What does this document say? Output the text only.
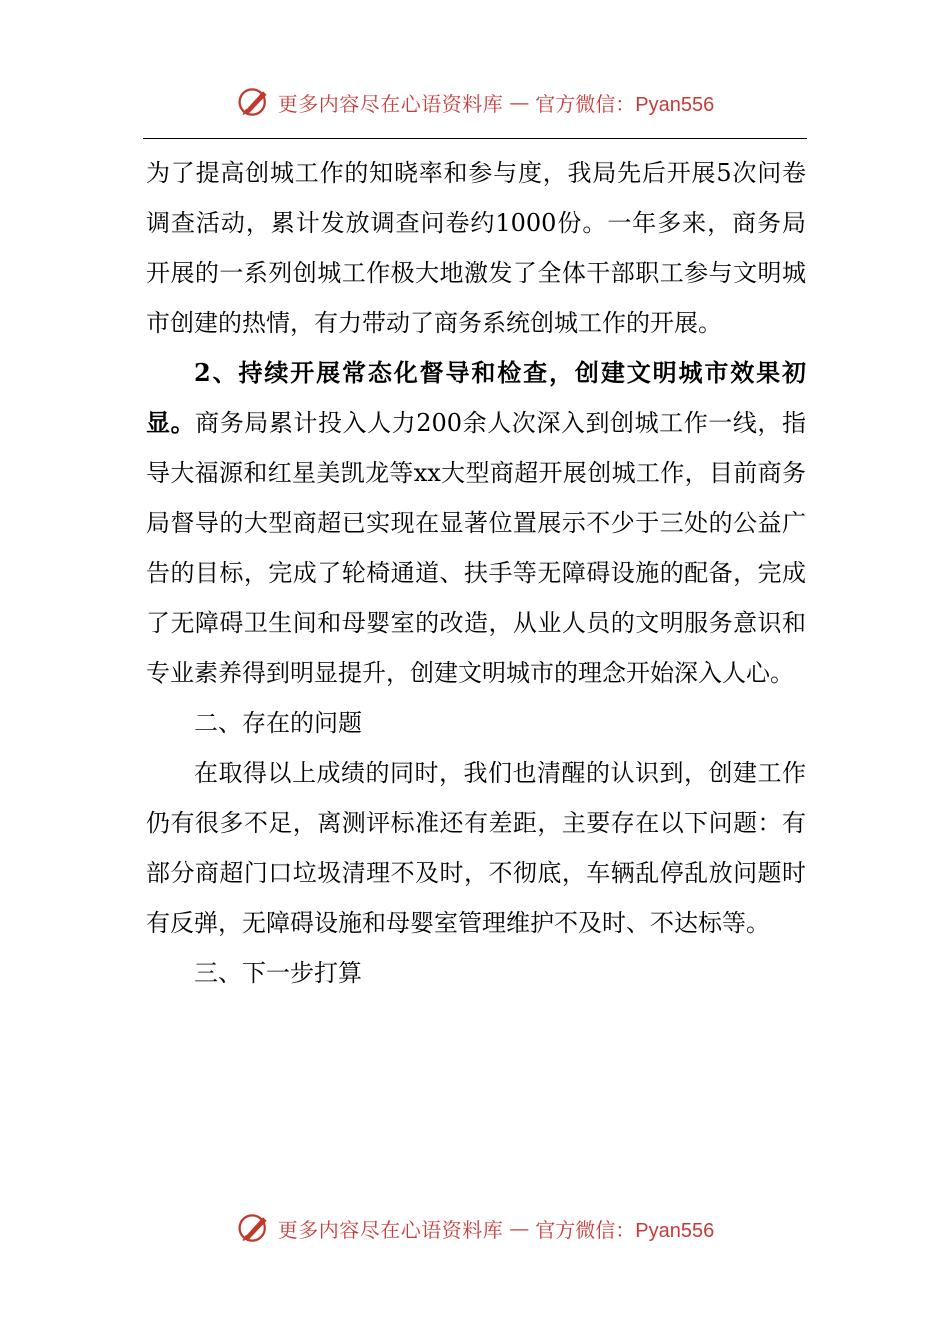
更多内容尽在心语资料库 — 官方微信：Pyan556

为了提高创城工作的知晓率和参与度，我局先后开展5次问卷调查活动，累计发放调查问卷约1000份。一年多来，商务局开展的一系列创城工作极大地激发了全体干部职工参与文明城市创建的热情，有力带动了商务系统创城工作的开展。

2、持续开展常态化督导和检查，创建文明城市效果初显。商务局累计投入人力200余人次深入到创城工作一线，指导大福源和红星美凯龙等xx大型商超开展创城工作，目前商务局督导的大型商超已实现在显著位置展示不少于三处的公益广告的目标，完成了轮椅通道、扶手等无障碍设施的配备，完成了无障碍卫生间和母婴室的改造，从业人员的文明服务意识和专业素养得到明显提升，创建文明城市的理念开始深入人心。

二、存在的问题

在取得以上成绩的同时，我们也清醒的认识到，创建工作仍有很多不足，离测评标准还有差距，主要存在以下问题：有部分商超门口垃圾清理不及时，不彻底，车辆乱停乱放问题时有反弹，无障碍设施和母婴室管理维护不及时、不达标等。

三、下一步打算

更多内容尽在心语资料库 — 官方微信：Pyan556
